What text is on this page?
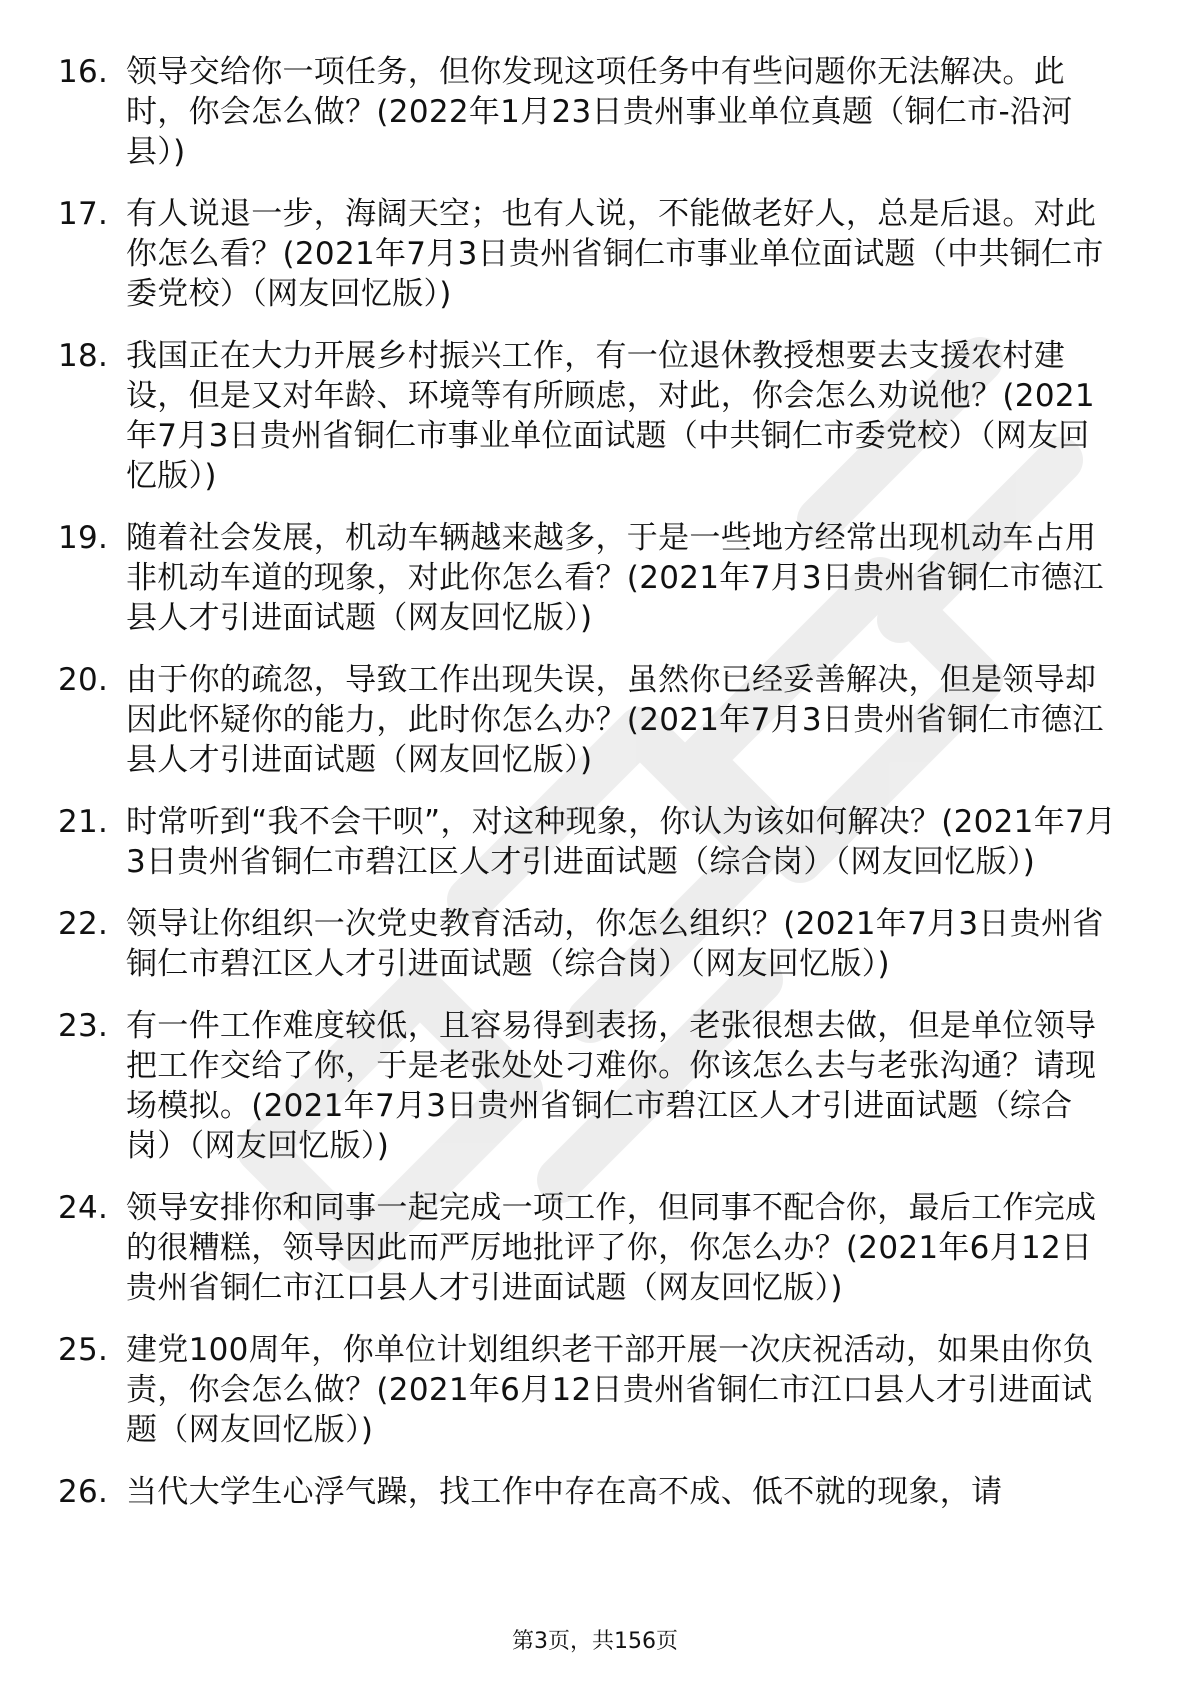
16. 领导交给你一项任务，但你发现这项任务中有些问题你无法解决。此时，你会怎么做？(2022年1月23日贵州事业单位真题（铜仁市-沿河县）)
17. 有人说退一步，海阔天空；也有人说，不能做老好人，总是后退。对此你怎么看？(2021年7月3日贵州省铜仁市事业单位面试题（中共铜仁市委党校）（网友回忆版）)
18. 我国正在大力开展乡村振兴工作，有一位退休教授想要去支援农村建设，但是又对年龄、环境等有所顾虑，对此，你会怎么劝说他？(2021年7月3日贵州省铜仁市事业单位面试题（中共铜仁市委党校）（网友回忆版）)
19. 随着社会发展，机动车辆越来越多，于是一些地方经常出现机动车占用非机动车道的现象，对此你怎么看？(2021年7月3日贵州省铜仁市德江县人才引进面试题（网友回忆版）)
20. 由于你的疏忽，导致工作出现失误，虽然你已经妥善解决，但是领导却因此怀疑你的能力，此时你怎么办？(2021年7月3日贵州省铜仁市德江县人才引进面试题（网友回忆版）)
21. 时常听到“我不会干呗”，对这种现象，你认为该如何解决？(2021年7月3日贵州省铜仁市碧江区人才引进面试题（综合岗）（网友回忆版）)
22. 领导让你组织一次党史教育活动，你怎么组织？(2021年7月3日贵州省铜仁市碧江区人才引进面试题（综合岗）（网友回忆版）)
23. 有一件工作难度较低，且容易得到表扬，老张很想去做，但是单位领导把工作交给了你，于是老张处处刁难你。你该怎么去与老张沟通？请现场模拟。(2021年7月3日贵州省铜仁市碧江区人才引进面试题（综合岗）（网友回忆版）)
24. 领导安排你和同事一起完成一项工作，但同事不配合你，最后工作完成的很糟糕，领导因此而严厉地批评了你，你怎么办？(2021年6月12日贵州省铜仁市江口县人才引进面试题（网友回忆版）)
25. 建党100周年，你单位计划组织老干部开展一次庆祝活动，如果由你负责，你会怎么做？(2021年6月12日贵州省铜仁市江口县人才引进面试题（网友回忆版）)
26. 当代大学生心浮气躁，找工作中存在高不成、低不就的现象，请
第3页，共156页
